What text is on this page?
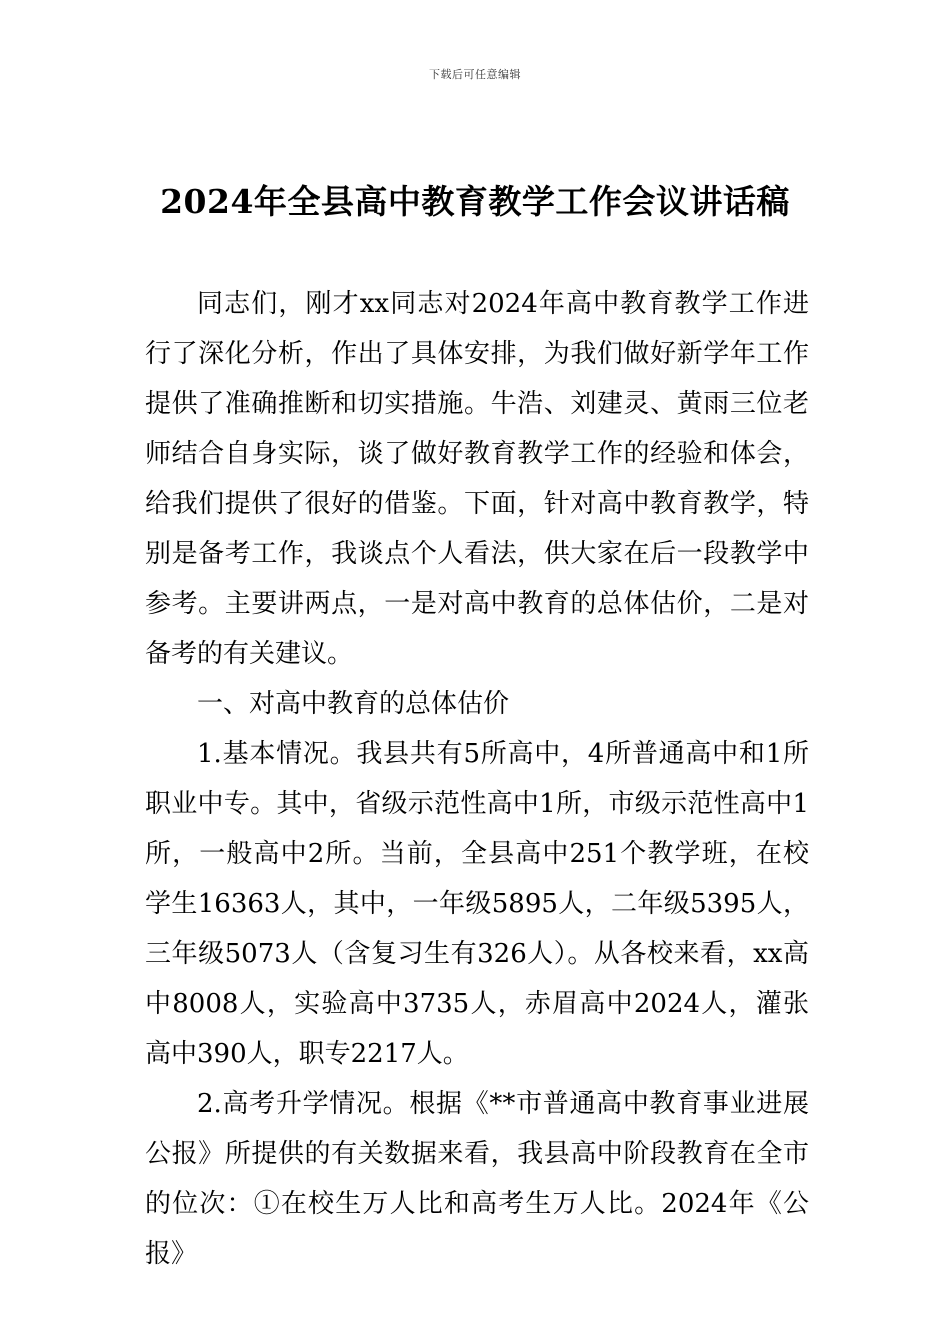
下载后可任意编辑
2024年全县高中教育教学工作会议讲话稿

同志们，刚才xx同志对2024年高中教育教学工作进行了深化分析，作出了具体安排，为我们做好新学年工作提供了准确推断和切实措施。牛浩、刘建灵、黄雨三位老师结合自身实际，谈了做好教育教学工作的经验和体会，给我们提供了很好的借鉴。下面，针对高中教育教学，特别是备考工作，我谈点个人看法，供大家在后一段教学中参考。主要讲两点，一是对高中教育的总体估价，二是对备考的有关建议。

一、对高中教育的总体估价

1.基本情况。我县共有5所高中，4所普通高中和1所职业中专。其中，省级示范性高中1所，市级示范性高中1所，一般高中2所。当前，全县高中251个教学班，在校学生16363人，其中，一年级5895人，二年级5395人，三年级5073人（含复习生有326人）。从各校来看，xx高中8008人，实验高中3735人，赤眉高中2024人，灌张高中390人，职专2217人。

2.高考升学情况。根据《**市普通高中教育事业进展公报》所提供的有关数据来看，我县高中阶段教育在全市的位次：①在校生万人比和高考生万人比。2024年《公报》
